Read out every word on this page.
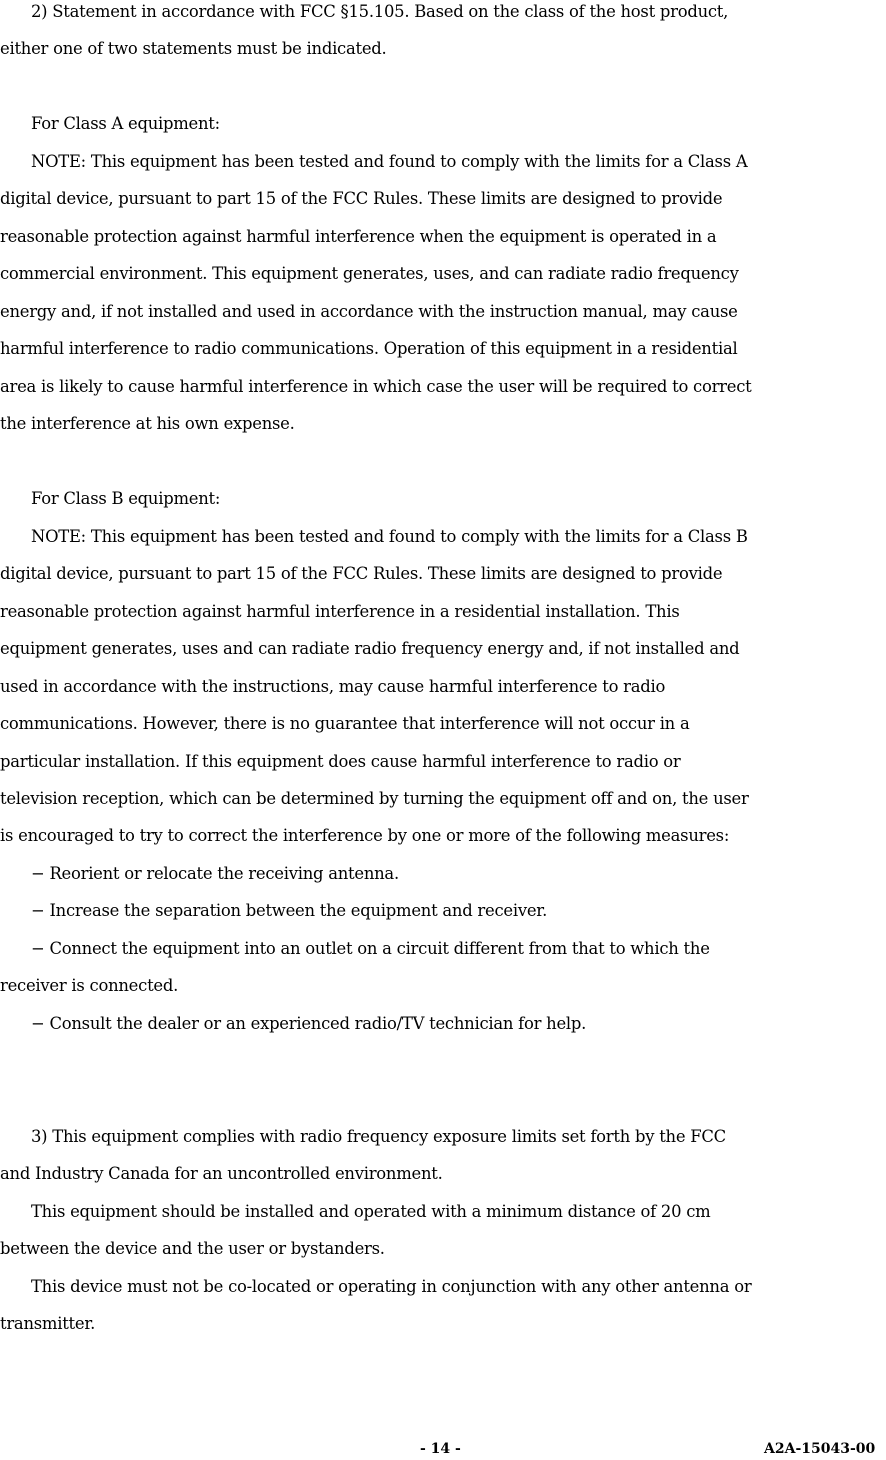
2) Statement in accordance with FCC §15.105. Based on the class of the host product,
either one of two statements must be indicated.
For Class A equipment:
NOTE: This equipment has been tested and found to comply with the limits for a Class A
digital device, pursuant to part 15 of the FCC Rules. These limits are designed to provide
reasonable protection against harmful interference when the equipment is operated in a
commercial environment. This equipment generates, uses, and can radiate radio frequency
energy and, if not installed and used in accordance with the instruction manual, may cause
harmful interference to radio communications. Operation of this equipment in a residential
area is likely to cause harmful interference in which case the user will be required to correct
the interference at his own expense.
For Class B equipment:
NOTE: This equipment has been tested and found to comply with the limits for a Class B
digital device, pursuant to part 15 of the FCC Rules. These limits are designed to provide
reasonable protection against harmful interference in a residential installation. This
equipment generates, uses and can radiate radio frequency energy and, if not installed and
used in accordance with the instructions, may cause harmful interference to radio
communications. However, there is no guarantee that interference will not occur in a
particular installation. If this equipment does cause harmful interference to radio or
television reception, which can be determined by turning the equipment off and on, the user
is encouraged to try to correct the interference by one or more of the following measures:
− Reorient or relocate the receiving antenna.
− Increase the separation between the equipment and receiver.
− Connect the equipment into an outlet on a circuit different from that to which the
receiver is connected.
− Consult the dealer or an experienced radio/TV technician for help.
3) This equipment complies with radio frequency exposure limits set forth by the FCC
and Industry Canada for an uncontrolled environment.
This equipment should be installed and operated with a minimum distance of 20 cm
between the device and the user or bystanders.
This device must not be co-located or operating in conjunction with any other antenna or
transmitter.
- 14 -	A2A-15043-00
